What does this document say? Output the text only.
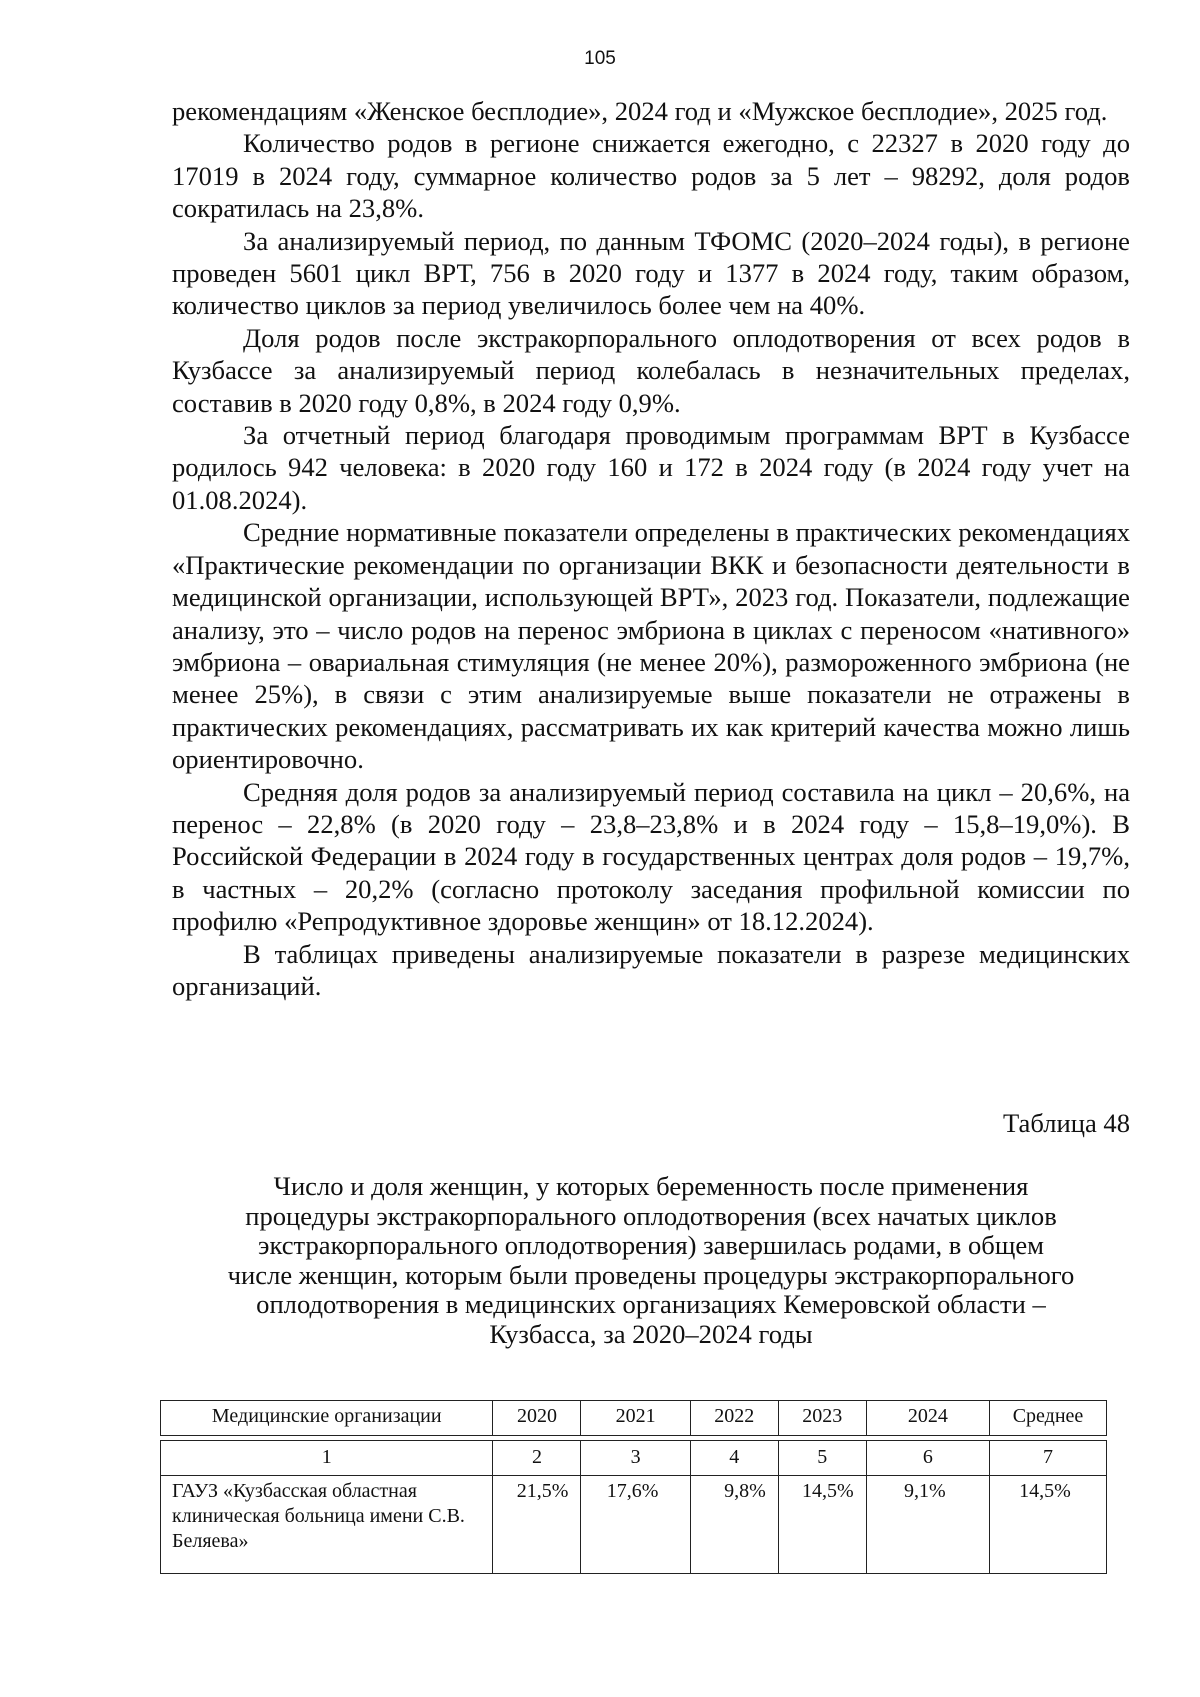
105

рекомендациям «Женское бесплодие», 2024 год и «Мужское бесплодие», 2025 год.

Количество родов в регионе снижается ежегодно, с 22327 в 2020 году до 17019 в 2024 году, суммарное количество родов за 5 лет – 98292, доля родов сократилась на 23,8%.

За анализируемый период, по данным ТФОМС (2020–2024 годы), в регионе проведен 5601 цикл ВРТ, 756 в 2020 году и 1377 в 2024 году, таким образом, количество циклов за период увеличилось более чем на 40%.

Доля родов после экстракорпорального оплодотворения от всех родов в Кузбассе за анализируемый период колебалась в незначительных пределах, составив в 2020 году 0,8%, в 2024 году 0,9%.

За отчетный период благодаря проводимым программам ВРТ в Кузбассе родилось 942 человека: в 2020 году 160 и 172 в 2024 году (в 2024 году учет на 01.08.2024).

Средние нормативные показатели определены в практических рекомендациях «Практические рекомендации по организации ВКК и безопасности деятельности в медицинской организации, использующей ВРТ», 2023 год. Показатели, подлежащие анализу, это – число родов на перенос эмбриона в циклах с переносом «нативного» эмбриона – овариальная стимуляция (не менее 20%), размороженного эмбриона (не менее 25%), в связи с этим анализируемые выше показатели не отражены в практических рекомендациях, рассматривать их как критерий качества можно лишь ориентировочно.

Средняя доля родов за анализируемый период составила на цикл – 20,6%, на перенос – 22,8% (в 2020 году – 23,8–23,8% и в 2024 году – 15,8–19,0%). В Российской Федерации в 2024 году в государственных центрах доля родов – 19,7%, в частных – 20,2% (согласно протоколу заседания профильной комиссии по профилю «Репродуктивное здоровье женщин» от 18.12.2024).

В таблицах приведены анализируемые показатели в разрезе медицинских организаций.

Таблица 48
Число и доля женщин, у которых беременность после применения
процедуры экстракорпорального оплодотворения (всех начатых циклов
экстракорпорального оплодотворения) завершилась родами, в общем
числе женщин, которым были проведены процедуры экстракорпорального
оплодотворения в медицинских организациях Кемеровской области –
Кузбасса, за 2020–2024 годы
Медицинские организации	2020	2021	2022	2023	2024	Среднее
1	2	3	4	5	6	7
ГАУЗ «Кузбасская областная клиническая больница имени С.В. Беляева»	21,5%	17,6%	9,8%	14,5%	9,1%	14,5%
